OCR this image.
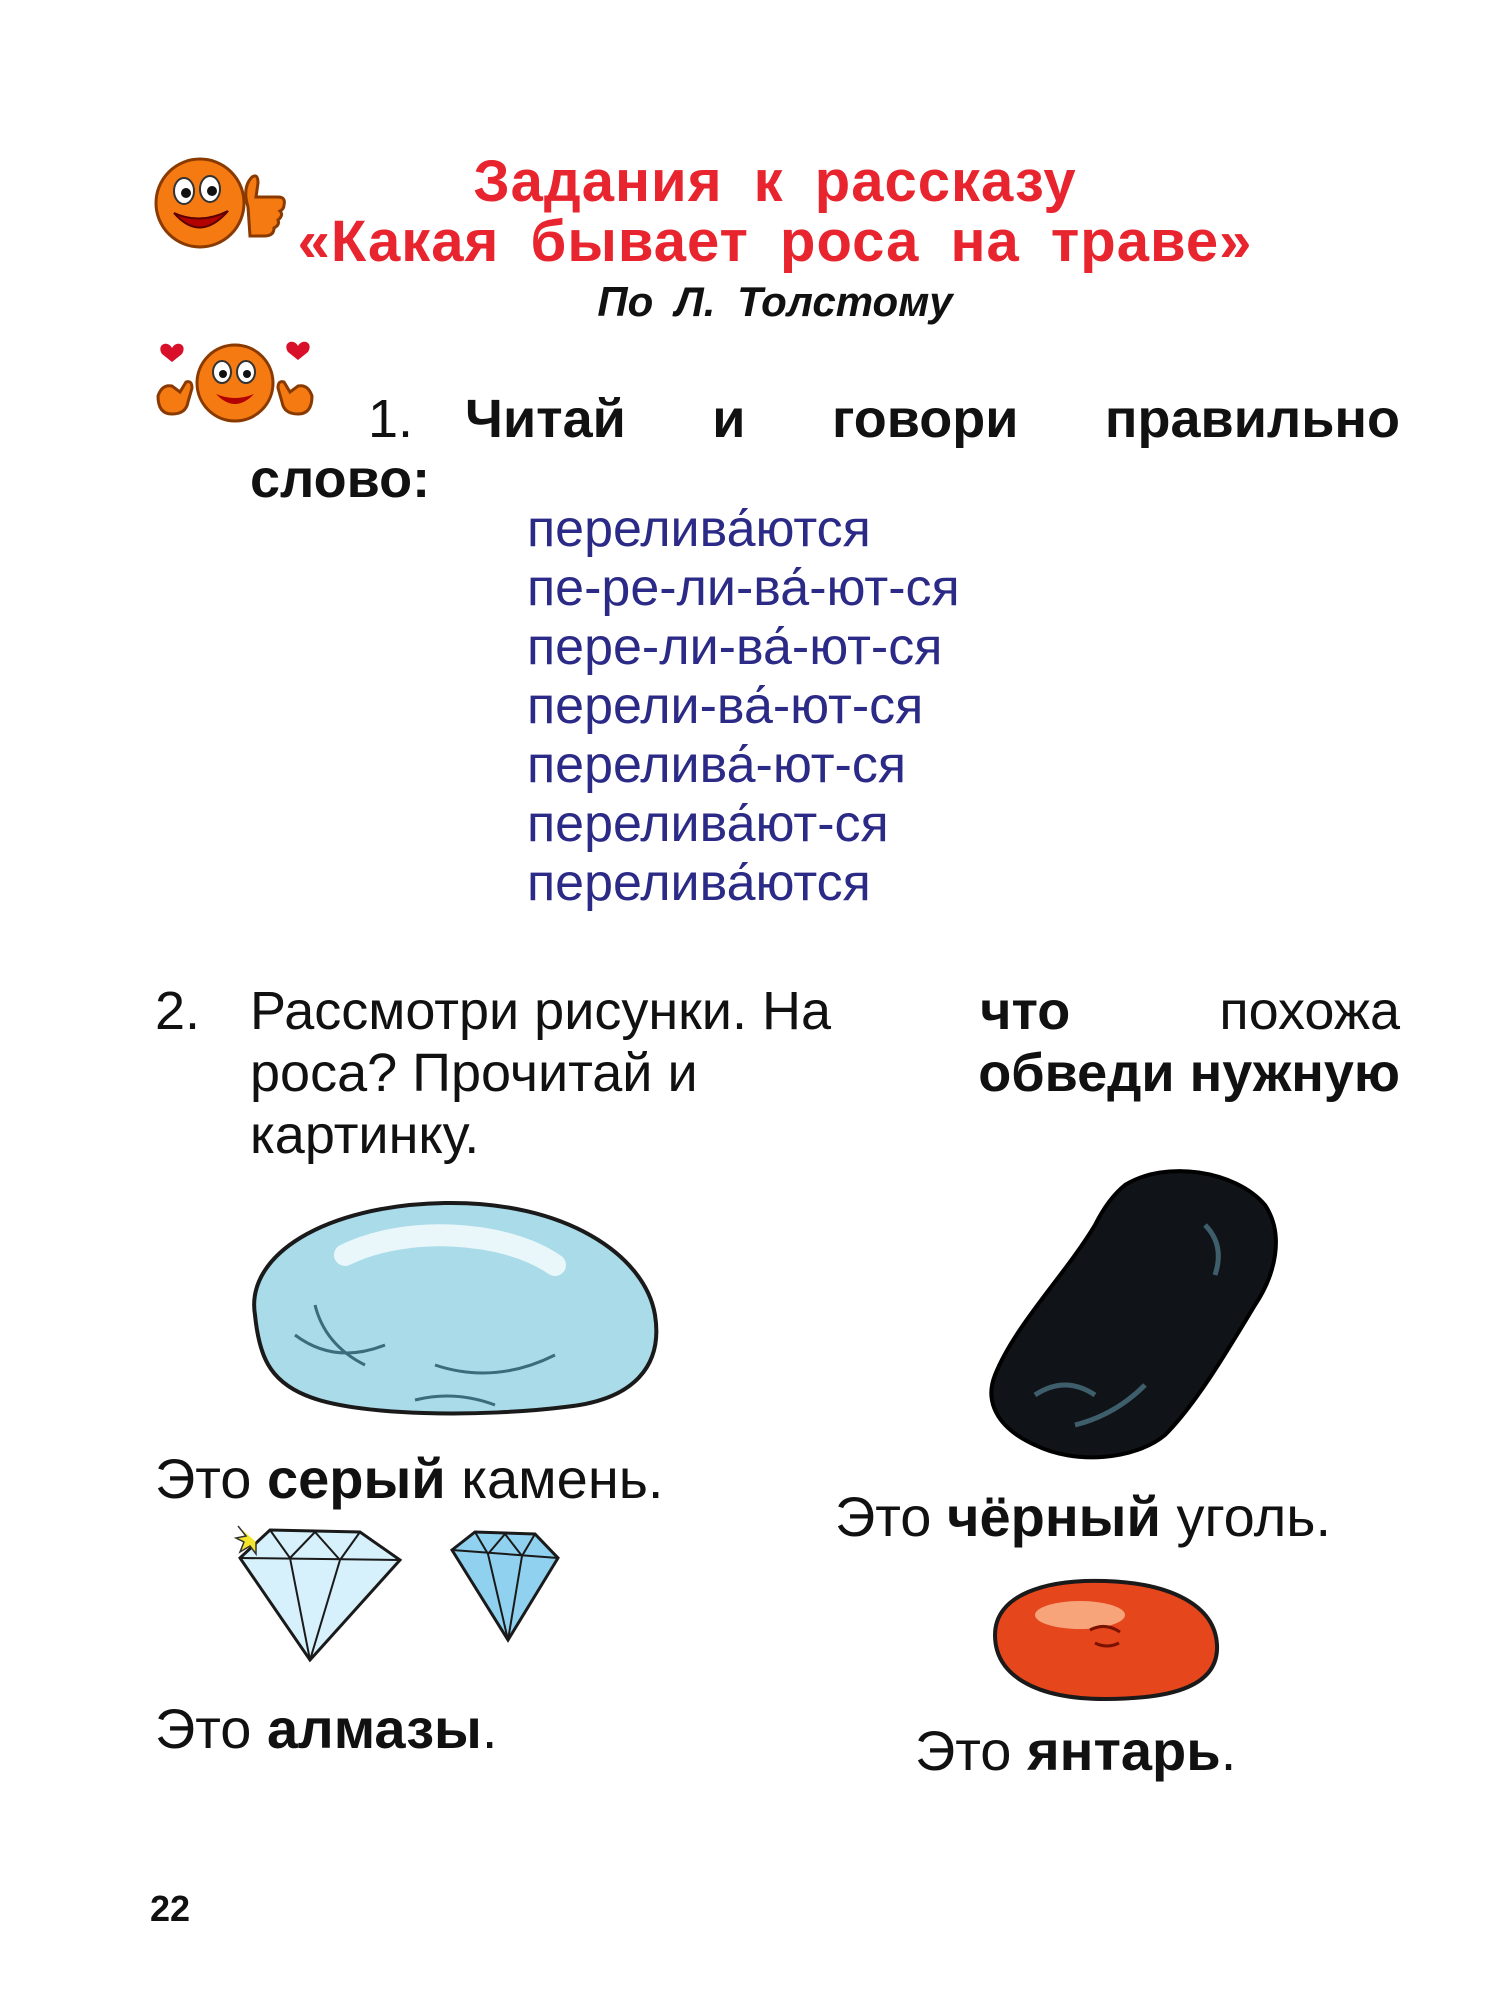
Задания к рассказу
«Какая бывает роса на траве»
По Л. Толстому
1. Читай и говори правильно
слово:
перелива́ются
пе-ре-ли-ва́-ют-ся
пере-ли-ва́-ют-ся
перели-ва́-ют-ся
перелива́-ют-ся
перелива́ют-ся
перелива́ются
2. Рассмотри рисунки. На	что	похожа
роса? Прочитай и	обведи нужную
картинку.
Это серый камень.
Это чёрный уголь.
Это алмазы.	Это янтарь.
22
